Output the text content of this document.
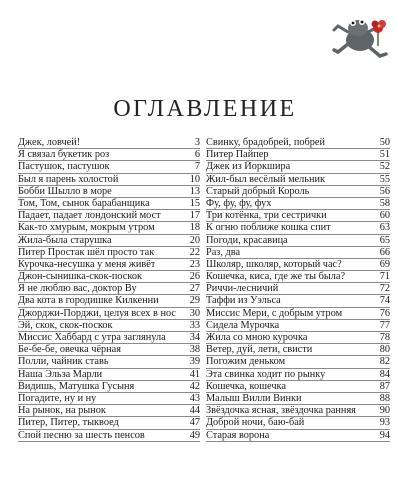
ОГЛАВЛЕНИЕ
Джек, ловчей!	3
Я связал букетик роз	6
Пастушок, пастушок	7
Был я парень холостой	10
Бобби Шылло в море	13
Том, Том, сынок барабанщика	15
Падает, падает лондонский мост	17
Как-то хмурым, мокрым утром	18
Жила-была старушка	20
Питер Простак шёл просто так	22
Курочка-несушка у меня живёт	23
Джон-сынишка-скок-поскок	26
Я не люблю вас, доктор Ву	27
Два кота в городишке Килкенни	29
Джорджи-Порджи, целуя всех в нос	30
Эй, скок, скок-поскок	33
Миссис Хаббард с утра заглянула	34
Бе-бе-бе, овечка чёрная	38
Полли, чайник ставь	39
Наша Эльза Марли	41
Видишь, Матушка Гусыня	42
Погадите, ну и ну	43
На рынок, на рынок	44
Питер, Питер, тыквоед	47
Спой песню за шесть пенсов	49
Свинку, брадобрей, побрей	50
Питер Пайпер	51
Джек из Йоркшира	52
Жил-был весёлый мельник	55
Старый добрый Король	56
Фу, фу, фу, фух	58
Три котёнка, три сестрички	60
К огню поближе кошка спит	63
Погоди, красавица	65
Раз, два	66
Школяр, школяр, который час?	69
Кошечка, киса, где же ты была?	71
Риччи-лесничий	72
Таффи из Уэльса	74
Миссис Мери, с добрым утром	76
Сидела Мурочка	77
Жила со мною курочка	78
Ветер, дуй, лети, свисти	80
Погожим деньком	82
Эта свинка ходит по рынку	84
Кошечка, кошечка	87
Малыш Вилли Винки	88
Звёздочка ясная, звёздочка ранняя	90
Доброй ночи, баю-бай	93
Старая ворона	94
